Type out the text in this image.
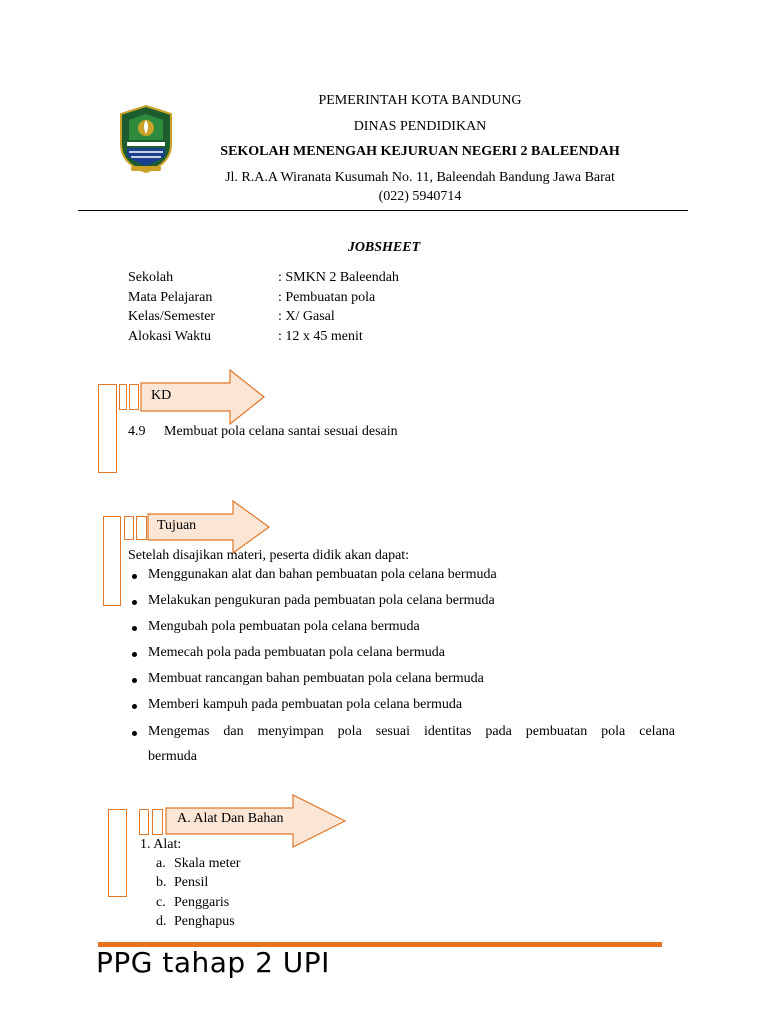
PEMERINTAH KOTA BANDUNG
DINAS PENDIDIKAN
SEKOLAH MENENGAH KEJURUAN NEGERI 2 BALEENDAH
Jl. R.A.A Wiranata Kusumah No. 11, Baleendah Bandung Jawa Barat
(022) 5940714
JOBSHEET
Sekolah	: SMKN 2 Baleendah
Mata Pelajaran	: Pembuatan pola
Kelas/Semester	: X/ Gasal
Alokasi Waktu	: 12 x 45 menit
KD
4.9 Membuat pola celana santai sesuai desain
Tujuan
Setelah disajikan materi, peserta didik akan dapat:
Menggunakan alat dan bahan pembuatan pola celana bermuda
Melakukan pengukuran pada pembuatan pola celana bermuda
Mengubah pola pembuatan pola celana bermuda
Memecah pola pada pembuatan pola celana bermuda
Membuat rancangan bahan pembuatan pola celana bermuda
Memberi kampuh pada pembuatan pola celana bermuda
Mengemas dan menyimpan pola sesuai identitas pada pembuatan pola celana
bermuda
A. Alat Dan Bahan
1. Alat:
a. Skala meter
b. Pensil
c. Penggaris
d. Penghapus
PPG tahap 2 UPI
